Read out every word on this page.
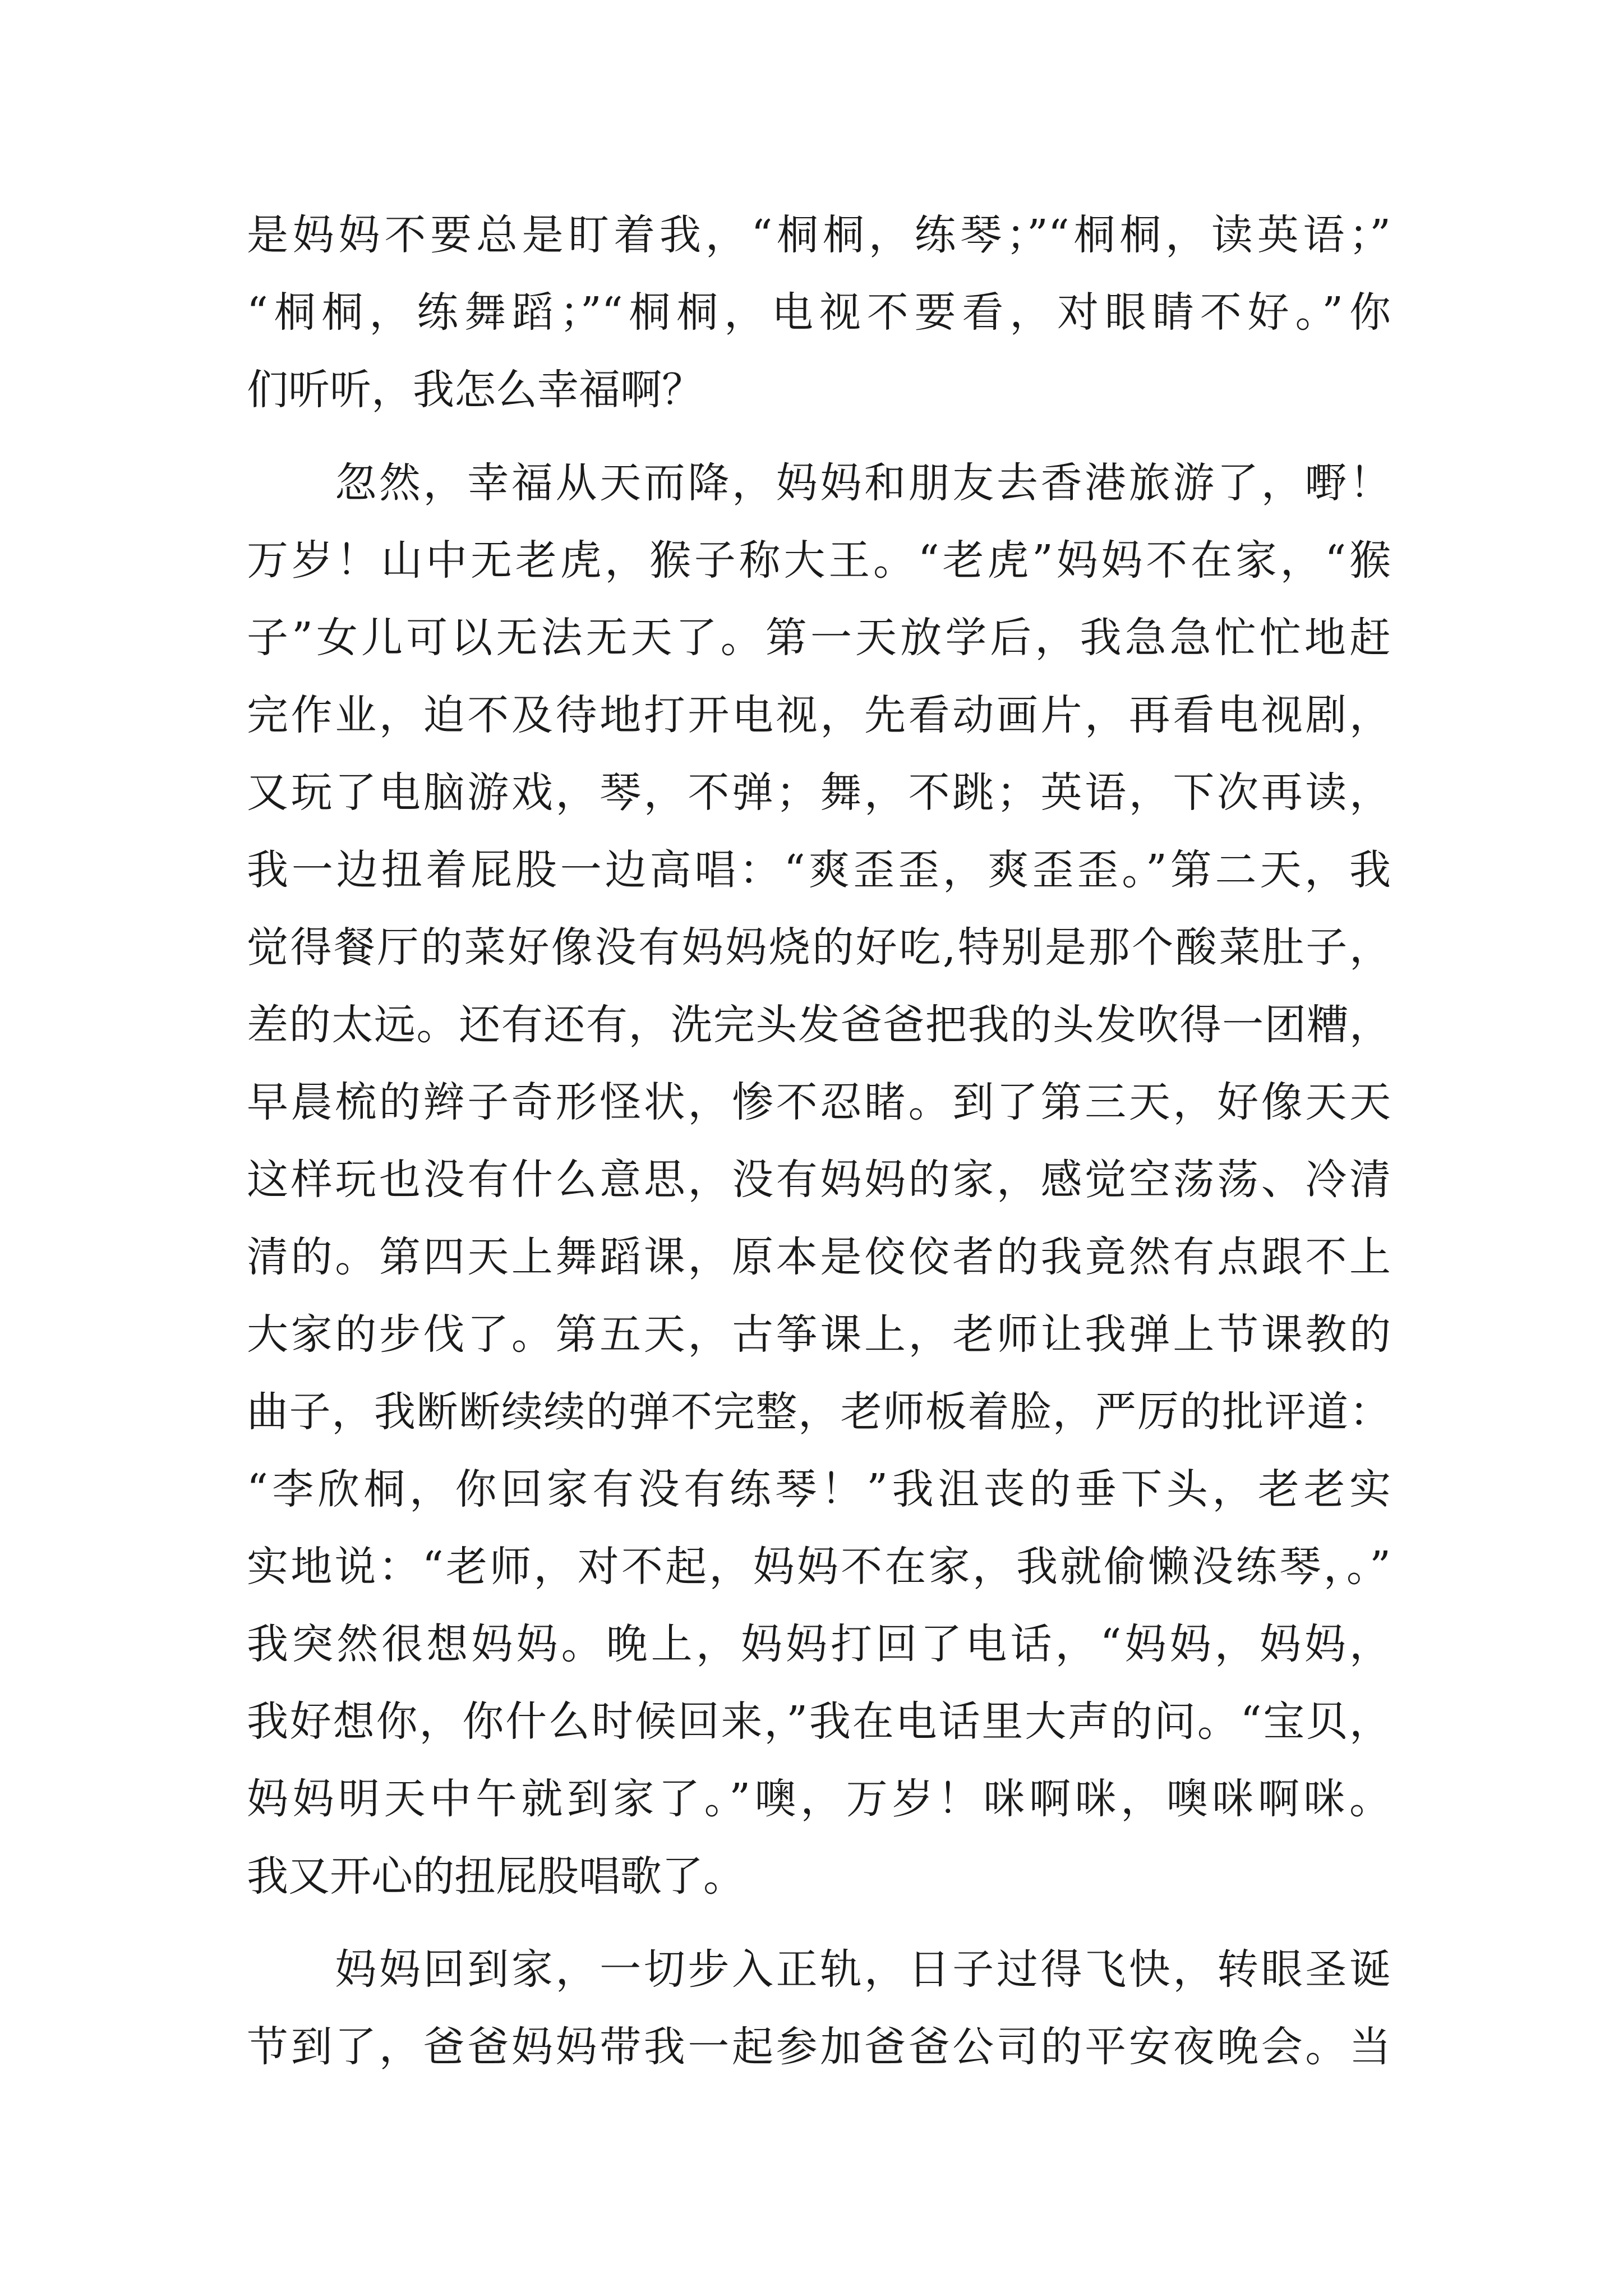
是妈妈不要总是盯着我，“桐桐，练琴；”“桐桐，读英语；”
“桐桐，练舞蹈；”“桐桐，电视不要看，对眼睛不好。”你
们听听，我怎么幸福啊？
　　忽然，幸福从天而降，妈妈和朋友去香港旅游了，嘢！
万岁！山中无老虎，猴子称大王。“老虎”妈妈不在家，“猴
子”女儿可以无法无天了。第一天放学后，我急急忙忙地赶
完作业，迫不及待地打开电视，先看动画片，再看电视剧，
又玩了电脑游戏，琴，不弹；舞，不跳；英语，下次再读，
我一边扭着屁股一边高唱：“爽歪歪，爽歪歪。”第二天，我
觉得餐厅的菜好像没有妈妈烧的好吃,特别是那个酸菜肚子，
差的太远。还有还有，洗完头发爸爸把我的头发吹得一团糟，
早晨梳的辫子奇形怪状，惨不忍睹。到了第三天，好像天天
这样玩也没有什么意思，没有妈妈的家，感觉空荡荡、冷清
清的。第四天上舞蹈课，原本是佼佼者的我竟然有点跟不上
大家的步伐了。第五天，古筝课上，老师让我弹上节课教的
曲子，我断断续续的弹不完整，老师板着脸，严厉的批评道：
“李欣桐，你回家有没有练琴！”我沮丧的垂下头，老老实
实地说：“老师，对不起，妈妈不在家，我就偷懒没练琴，。”
我突然很想妈妈。晚上，妈妈打回了电话，“妈妈，妈妈，
我好想你，你什么时候回来，”我在电话里大声的问。“宝贝，
妈妈明天中午就到家了。”噢，万岁！咪啊咪，噢咪啊咪。
我又开心的扭屁股唱歌了。
　　妈妈回到家，一切步入正轨，日子过得飞快，转眼圣诞
节到了，爸爸妈妈带我一起参加爸爸公司的平安夜晚会。当
